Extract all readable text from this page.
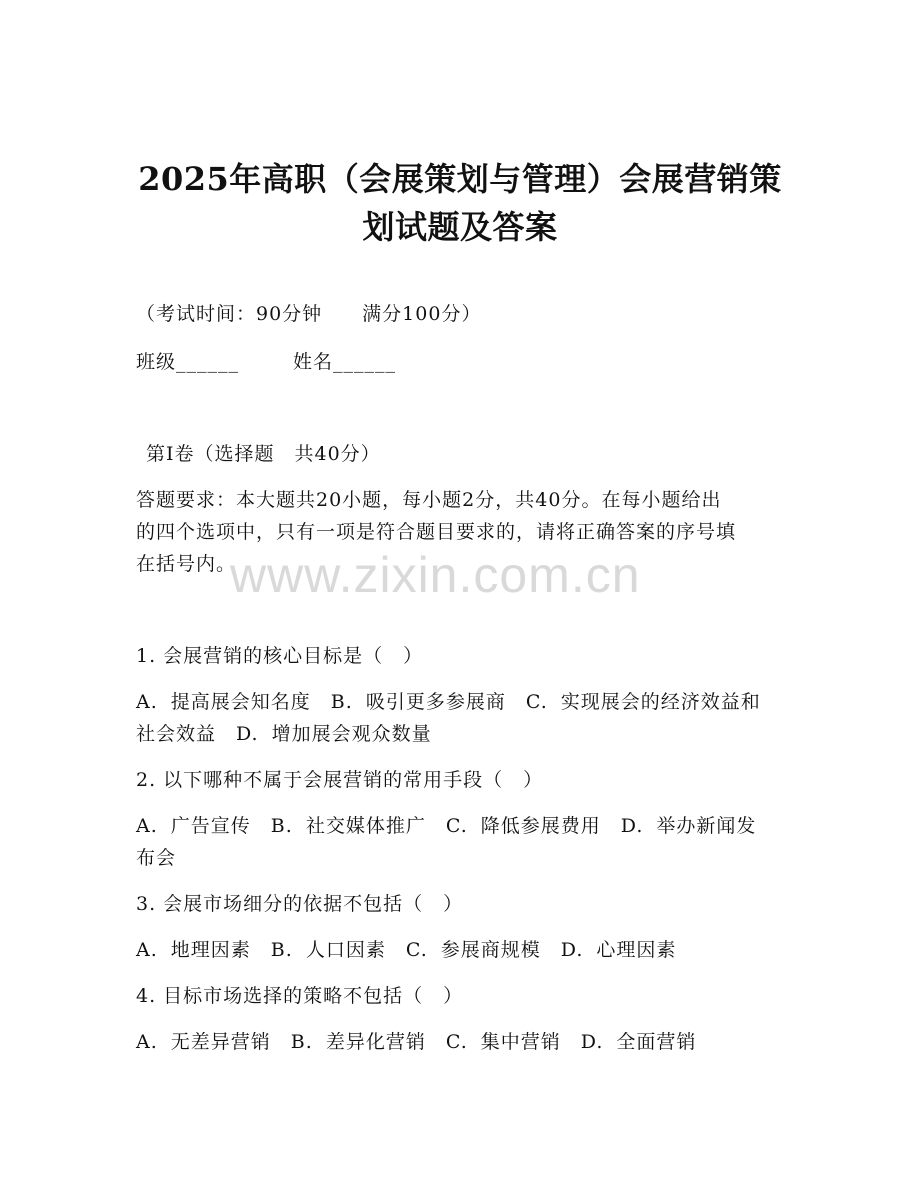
2025年高职（会展策划与管理）会展营销策
划试题及答案
（考试时间：90分钟　　满分100分）
班级______	姓名______
第Ⅰ卷（选择题　共40分）
答题要求：本大题共20小题，每小题2分，共40分。在每小题给出
的四个选项中，只有一项是符合题目要求的，请将正确答案的序号填
在括号内。
1. 会展营销的核心目标是（　）
A. 提高展会知名度　B. 吸引更多参展商　C. 实现展会的经济效益和
社会效益　D. 增加展会观众数量
2. 以下哪种不属于会展营销的常用手段（　）
A. 广告宣传　B. 社交媒体推广　C. 降低参展费用　D. 举办新闻发
布会
3. 会展市场细分的依据不包括（　）
A. 地理因素　B. 人口因素　C. 参展商规模　D. 心理因素
4. 目标市场选择的策略不包括（　）
A. 无差异营销　B. 差异化营销　C. 集中营销　D. 全面营销
www.zixin.com.cn
